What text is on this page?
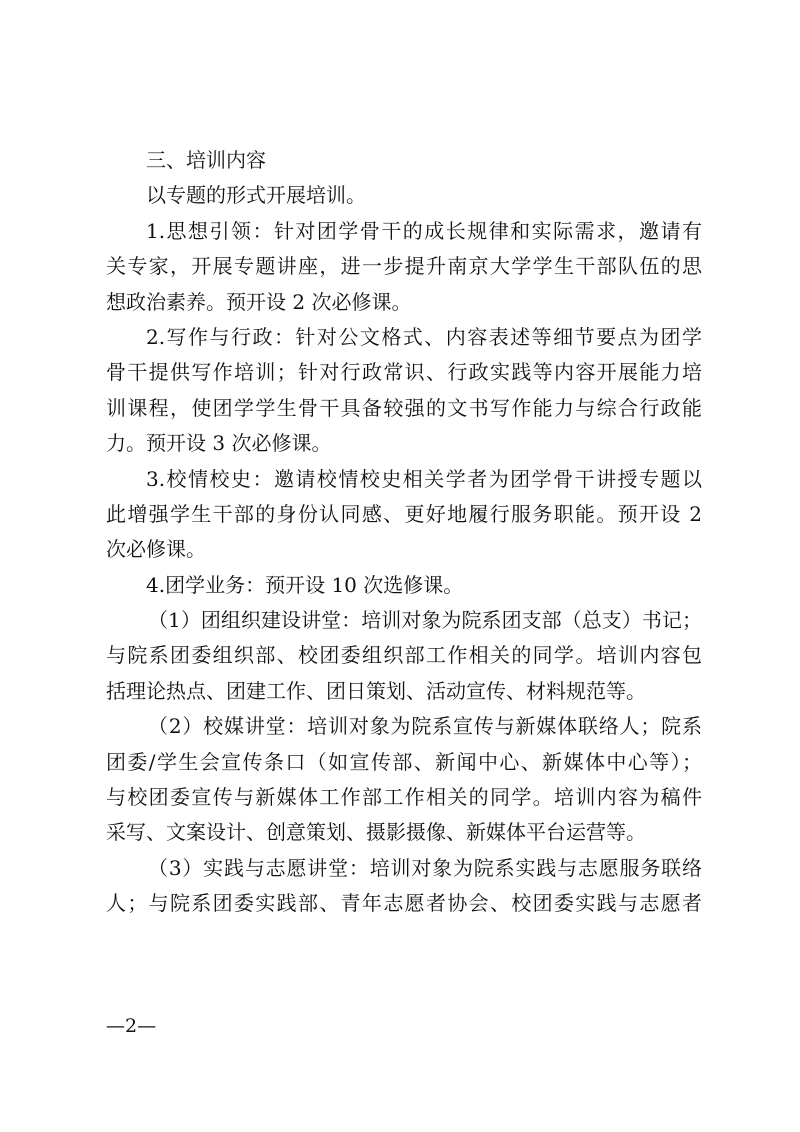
三、培训内容
以专题的形式开展培训。
1.思想引领：针对团学骨干的成长规律和实际需求，邀请有
关专家，开展专题讲座，进一步提升南京大学学生干部队伍的思
想政治素养。预开设 2 次必修课。
2.写作与行政：针对公文格式、内容表述等细节要点为团学
骨干提供写作培训；针对行政常识、行政实践等内容开展能力培
训课程，使团学学生骨干具备较强的文书写作能力与综合行政能
力。预开设 3 次必修课。
3.校情校史：邀请校情校史相关学者为团学骨干讲授专题以
此增强学生干部的身份认同感、更好地履行服务职能。预开设 2
次必修课。
4.团学业务：预开设 10 次选修课。
（1）团组织建设讲堂：培训对象为院系团支部（总支）书记；
与院系团委组织部、校团委组织部工作相关的同学。培训内容包
括理论热点、团建工作、团日策划、活动宣传、材料规范等。
（2）校媒讲堂：培训对象为院系宣传与新媒体联络人；院系
团委/学生会宣传条口（如宣传部、新闻中心、新媒体中心等）；
与校团委宣传与新媒体工作部工作相关的同学。培训内容为稿件
采写、文案设计、创意策划、摄影摄像、新媒体平台运营等。
（3）实践与志愿讲堂：培训对象为院系实践与志愿服务联络
人；与院系团委实践部、青年志愿者协会、校团委实践与志愿者
—2—
